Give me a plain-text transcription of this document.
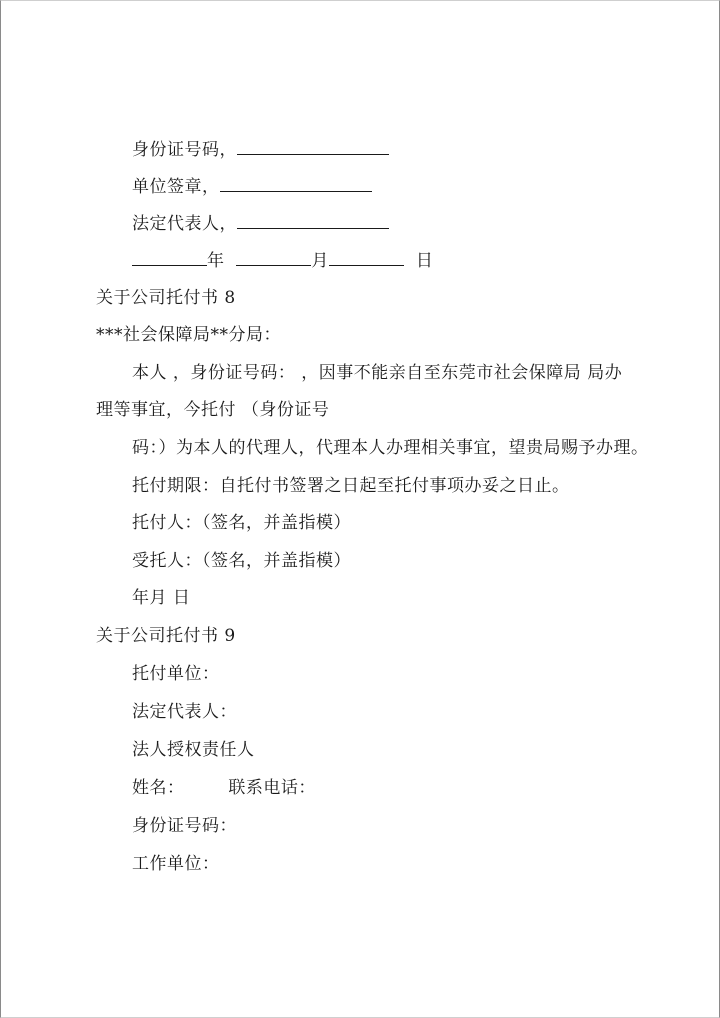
身份证号码，
单位签章，
法定代表人，
年	月	日
关于公司托付书 8
***社会保障局**分局：
本人 ，身份证号码： ，因事不能亲自至东莞市社会保障局 局办
理等事宜，今托付 （身份证号
码：）为本人的代理人，代理本人办理相关事宜，望贵局赐予办理。
托付期限：自托付书签署之日起至托付事项办妥之日止。
托付人：（签名，并盖指模）
受托人：（签名，并盖指模）
年月 日
关于公司托付书 9
托付单位：
法定代表人：
法人授权责任人
姓名：	联系电话：
身份证号码：
工作单位：
